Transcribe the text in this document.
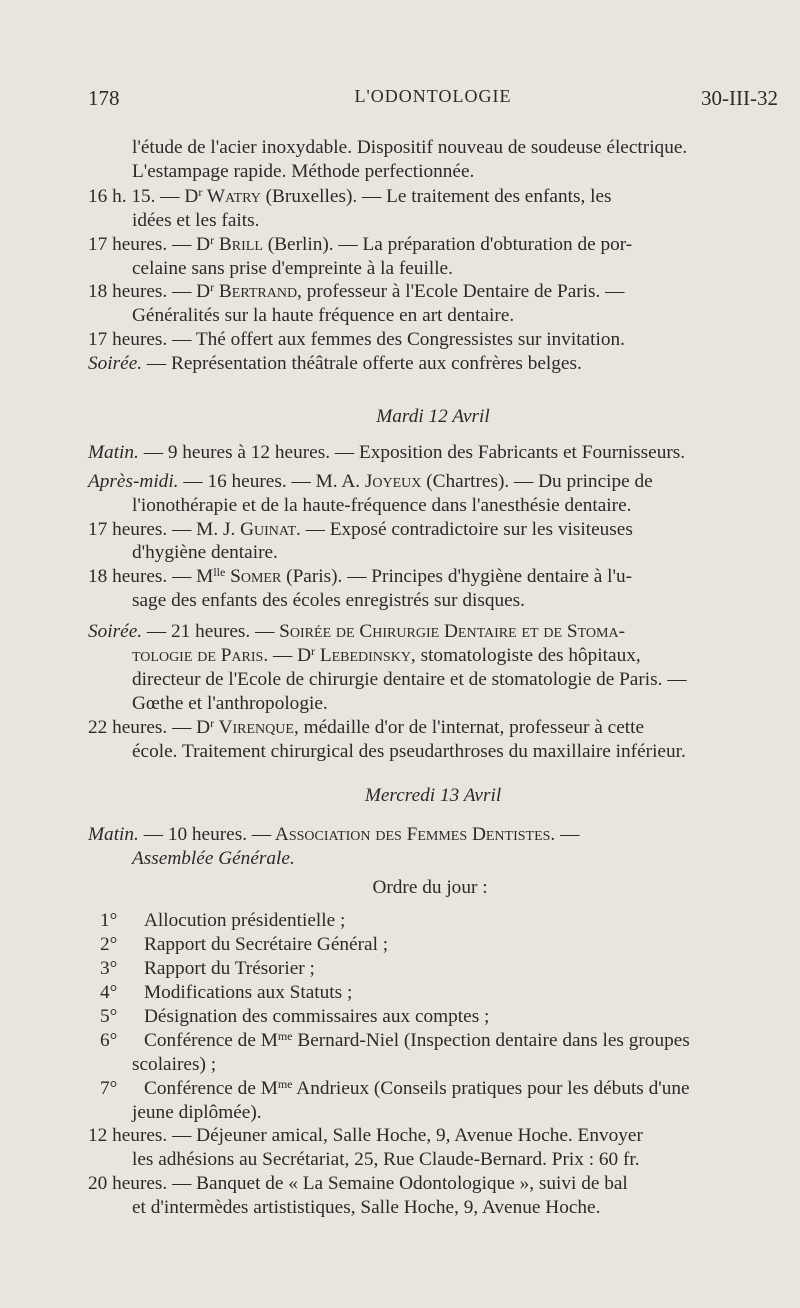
178	L'ODONTOLOGIE	30-III-32
l'étude de l'acier inoxydable. Dispositif nouveau de soudeuse électrique.
L'estampage rapide. Méthode perfectionnée.
16 h. 15. — $D^r$ Watry (Bruxelles). — Le traitement des enfants, les
idées et les faits.
17 heures. — $D^r$ Brill (Berlin). — La préparation d'obturation de por-
celaine sans prise d'empreinte à la feuille.
18 heures. — $D^r$ Bertrand, professeur à l'Ecole Dentaire de Paris. —
Généralités sur la haute fréquence en art dentaire.
17 heures. — Thé offert aux femmes des Congressistes sur invitation.
Soirée. — Représentation théâtrale offerte aux confrères belges.
Mardi 12 Avril
Matin. — 9 heures à 12 heures. — Exposition des Fabricants et Fournisseurs.
Après-midi. — 16 heures. — M. A. Joyeux (Chartres). — Du principe de
l'ionothérapie et de la haute-fréquence dans l'anesthésie dentaire.
17 heures. — M. J. Guinat. — Exposé contradictoire sur les visiteuses
d'hygiène dentaire.
18 heures. — $M^{lle}$ Somer (Paris). — Principes d'hygiène dentaire à l'u-
sage des enfants des écoles enregistrés sur disques.
Soirée. — 21 heures. — Soirée de Chirurgie Dentaire et de Stoma-
tologie de Paris. — $D^r$ Lebedinsky, stomatologiste des hôpitaux,
directeur de l'Ecole de chirurgie dentaire et de stomatologie de Paris. —
Gœthe et l'anthropologie.
22 heures. — $D^r$ Virenque, médaille d'or de l'internat, professeur à cette
école. Traitement chirurgical des pseudarthroses du maxillaire inférieur.
Mercredi 13 Avril
Matin. — 10 heures. — Association des Femmes Dentistes. —
Assemblée Générale.
Ordre du jour :
1° Allocution présidentielle ;
2° Rapport du Secrétaire Général ;
3° Rapport du Trésorier ;
4° Modifications aux Statuts ;
5° Désignation des commissaires aux comptes ;
6° Conférence de $M^{me}$ Bernard-Niel (Inspection dentaire dans les groupes
scolaires) ;
7° Conférence de $M^{me}$ Andrieux (Conseils pratiques pour les débuts d'une
jeune diplômée).
12 heures. — Déjeuner amical, Salle Hoche, 9, Avenue Hoche. Envoyer
les adhésions au Secrétariat, 25, Rue Claude-Bernard. Prix : 60 fr.
20 heures. — Banquet de « La Semaine Odontologique », suivi de bal
et d'intermèdes artististiques, Salle Hoche, 9, Avenue Hoche.
